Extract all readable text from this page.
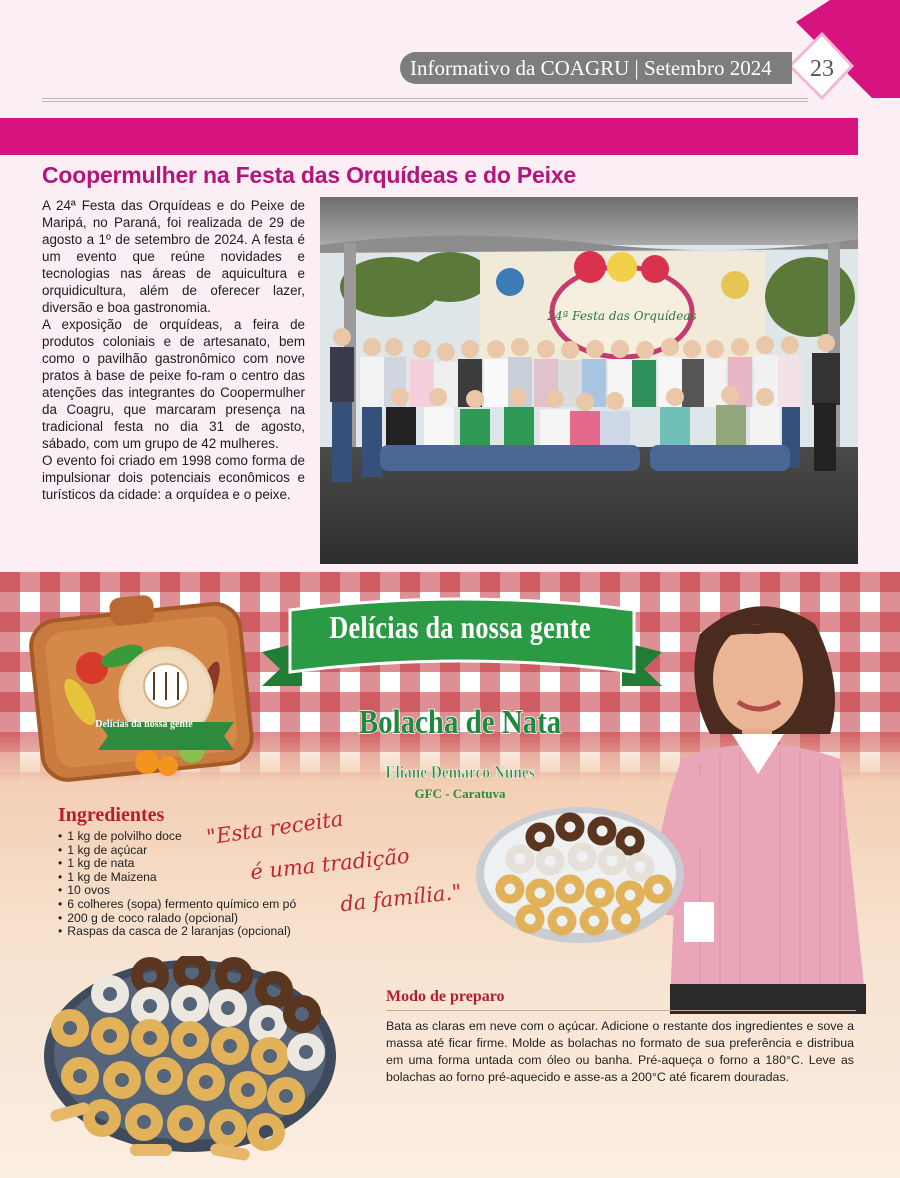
Informativo da COAGRU | Setembro 2024	23
Coopermulher na Festa das Orquídeas e do Peixe

A 24ª Festa das Orquídeas e do Peixe de Maripá, no Paraná, foi realizada de 29 de agosto a 1º de setembro de 2024. A festa é um evento que reúne novidades e tecnologias nas áreas de aquicultura e orquidicultura, além de oferecer lazer, diversão e boa gastronomia.

A exposição de orquídeas, a feira de produtos coloniais e de artesanato, bem como o pavilhão gastronômico com nove pratos à base de peixe fo-ram o centro das atenções das integrantes do Coopermulher da Coagru, que marcaram presença na tradicional festa no dia 31 de agosto, sábado, com um grupo de 42 mulheres.

O evento foi criado em 1998 como forma de impulsionar dois potenciais econômicos e turísticos da cidade: a orquídea e o peixe.

24ª Festa das Orquídeas
Delícias da nossa gente
Delícias da nossa gente
Bolacha de Nata
Eliane Demarco Nunes
GFC - Caratuva
Ingredientes
• 1 kg de polvilho doce
• 1 kg de açúcar
• 1 kg de nata
• 1 kg de Maizena
• 10 ovos
• 6 colheres (sopa) fermento químico em pó
• 200 g de coco ralado (opcional)
• Raspas da casca de 2 laranjas (opcional)
"Esta receita
é uma tradição
da família."
Modo de preparo

Bata as claras em neve com o açúcar. Adicione o restante dos ingredientes e sove a massa até ficar firme. Molde as bolachas no formato de sua preferência e distribua em uma forma untada com óleo ou banha. Pré-aqueça o forno a 180°C. Leve as bolachas ao forno pré-aquecido e asse-as a 200°C até ficarem douradas.
